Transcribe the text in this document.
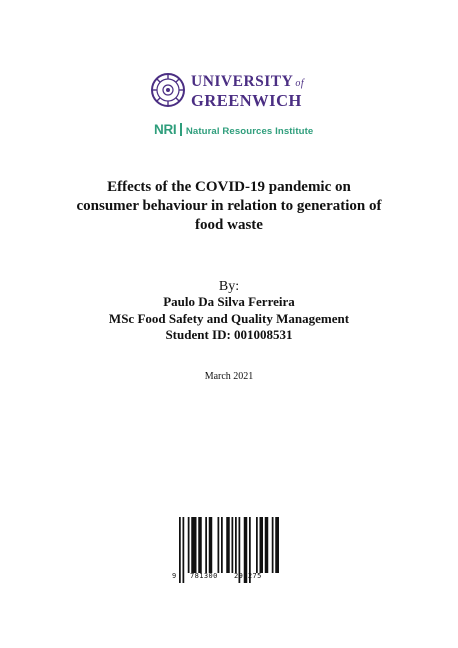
UNIVERSITY of
GREENWICH
NRI Natural Resources Institute
Effects of the COVID-19 pandemic on
consumer behaviour in relation to generation of
food waste
By:
Paulo Da Silva Ferreira
MSc Food Safety and Quality Management
Student ID: 001008531
March 2021
9 781300 291275
